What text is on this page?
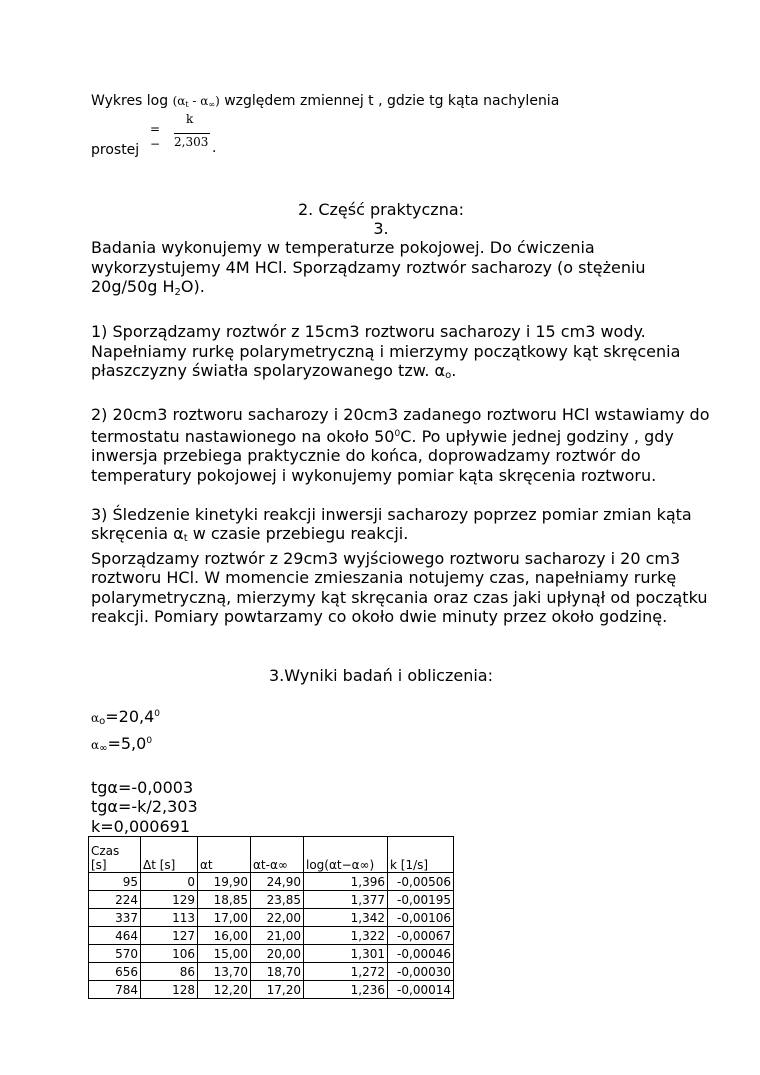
Wykres $\log (\alpha_t - \alpha_\infty)$ względem zmiennej t , gdzie tg kąta nachylenia
k
= − 2,303
prostej	.
2. Część praktyczna:
3.

Badania wykonujemy w temperaturze pokojowej. Do ćwiczenia wykorzystujemy 4M HCl. Sporządzamy roztwór sacharozy (o stężeniu 20g/50g $H_2O$).

1) Sporządzamy roztwór z 15cm3 roztworu sacharozy i 15 cm3 wody. Napełniamy rurkę polarymetryczną i mierzymy początkowy kąt skręcenia płaszczyzny światła spolaryzowanego tzw. $\alpha_o$.

2) 20cm3 roztworu sacharozy i 20cm3 zadanego roztworu HCl wstawiamy do termostatu nastawionego na około $50^0C$. Po upływie jednej godziny , gdy inwersja przebiega praktycznie do końca, doprowadzamy roztwór do temperatury pokojowej i wykonujemy pomiar kąta skręcenia roztworu.

3) Śledzenie kinetyki reakcji inwersji sacharozy poprzez pomiar zmian kąta skręcenia $\alpha_t$ w czasie przebiegu reakcji.

Sporządzamy roztwór z 29cm3 wyjściowego roztworu sacharozy i 20 cm3 roztworu HCl. W momencie zmieszania notujemy czas, napełniamy rurkę polarymetryczną, mierzymy kąt skręcania oraz czas jaki upłynął od początku reakcji. Pomiary powtarzamy co około dwie minuty przez około godzinę.

3.Wyniki badań i obliczenia:

$\alpha_o=20,4^0$

$\alpha_\infty=5,0^0$

tgα=-0,0003

tgα=-k/2,303

k=0,000691

Czas
[s]	Δt [s]	αt	αt-α∞	log(αt−α∞)	k [1/s]
95	0	19,90	24,90	1,396	-0,00506
224	129	18,85	23,85	1,377	-0,00195
337	113	17,00	22,00	1,342	-0,00106
464	127	16,00	21,00	1,322	-0,00067
570	106	15,00	20,00	1,301	-0,00046
656	86	13,70	18,70	1,272	-0,00030
784	128	12,20	17,20	1,236	-0,00014
